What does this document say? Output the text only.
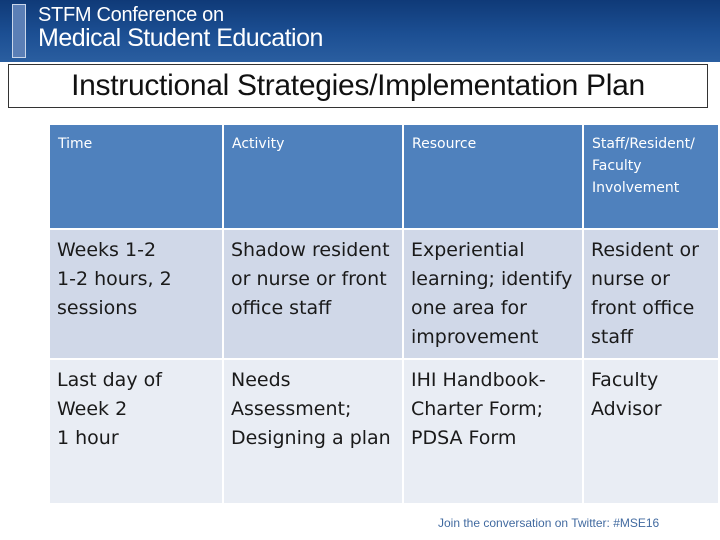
STFM Conference on
Medical Student Education
Instructional Strategies/Implementation Plan
Join the conversation on Twitter: #MSE16
Time	Activity	Resource	Staff/Resident/
Faculty
Involvement

Weeks 1-2
1-2 hours, 2
sessions	Shadow resident
or nurse or front
office staff	Experiential
learning; identify
one area for
improvement	Resident or
nurse or
front office
staff

Last day of
Week 2
1 hour	Needs
Assessment;
Designing a plan	IHI Handbook-
Charter Form;
PDSA Form	Faculty
Advisor
